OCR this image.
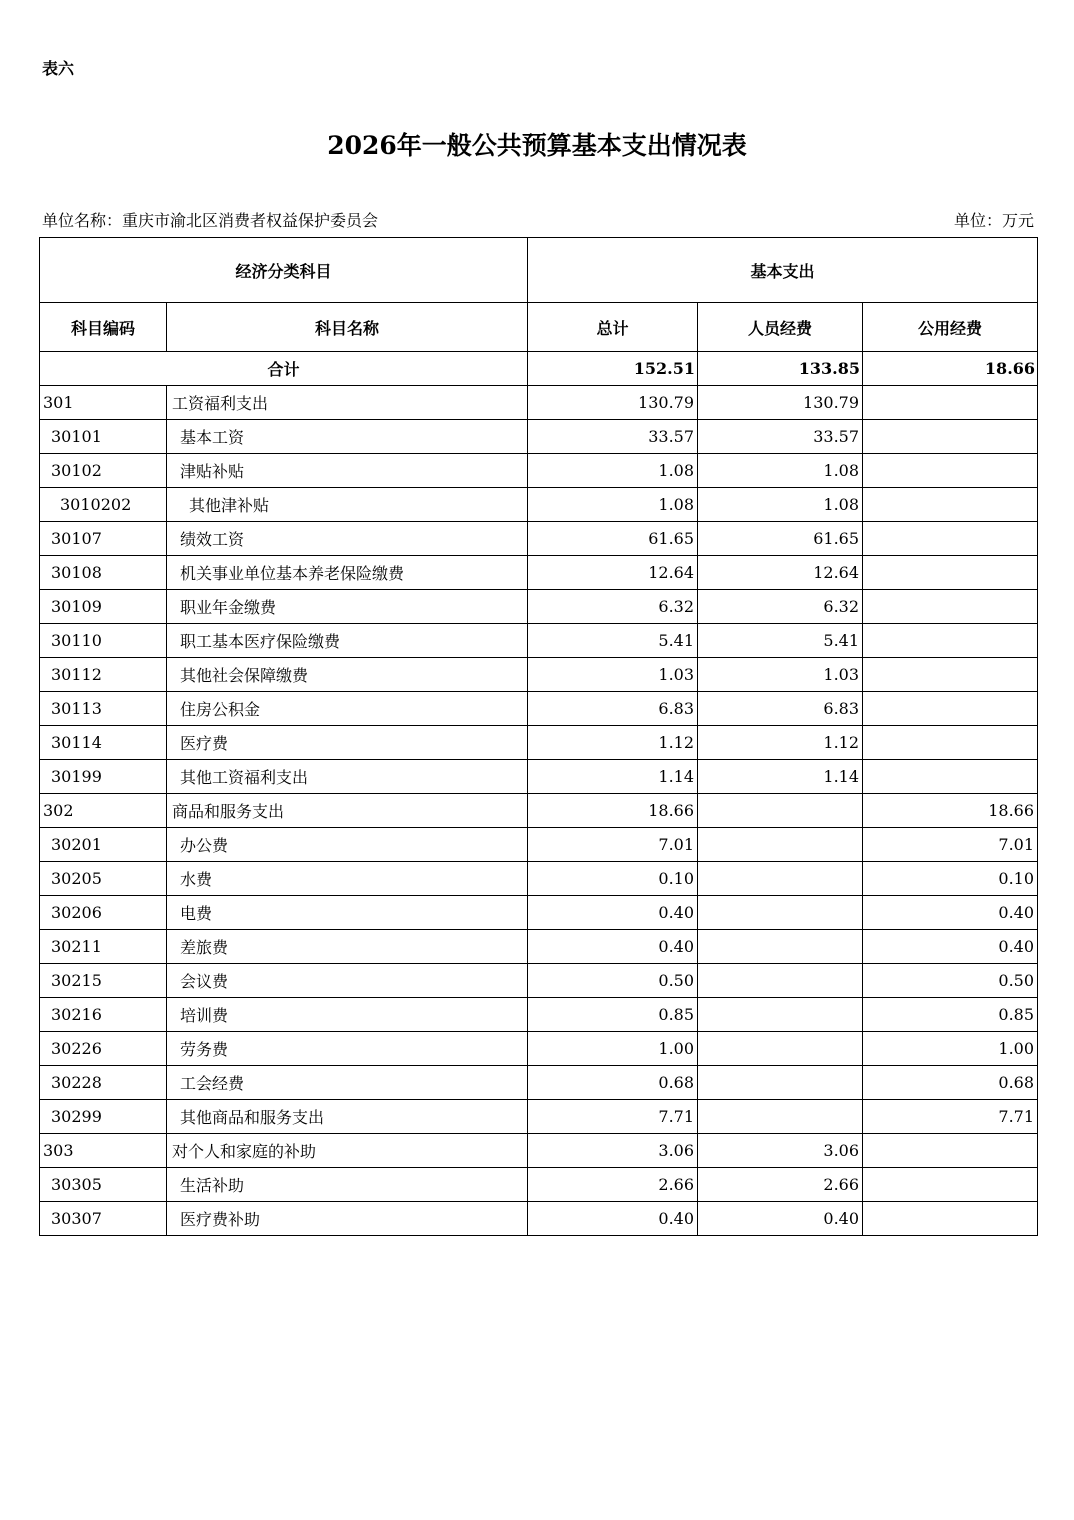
表六
2026年一般公共预算基本支出情况表
单位名称：重庆市渝北区消费者权益保护委员会	单位：万元
经济分类科目		基本支出		
科目编码	科目名称	总计	人员经费	公用经费
合计		152.51	133.85	18.66
301	工资福利支出	130.79	130.79	
30101	基本工资	33.57	33.57	
30102	津贴补贴	1.08	1.08	
3010202	其他津补贴	1.08	1.08	
30107	绩效工资	61.65	61.65	
30108	机关事业单位基本养老保险缴费	12.64	12.64	
30109	职业年金缴费	6.32	6.32	
30110	职工基本医疗保险缴费	5.41	5.41	
30112	其他社会保障缴费	1.03	1.03	
30113	住房公积金	6.83	6.83	
30114	医疗费	1.12	1.12	
30199	其他工资福利支出	1.14	1.14	
302	商品和服务支出	18.66		18.66
30201	办公费	7.01		7.01
30205	水费	0.10		0.10
30206	电费	0.40		0.40
30211	差旅费	0.40		0.40
30215	会议费	0.50		0.50
30216	培训费	0.85		0.85
30226	劳务费	1.00		1.00
30228	工会经费	0.68		0.68
30299	其他商品和服务支出	7.71		7.71
303	对个人和家庭的补助	3.06	3.06	
30305	生活补助	2.66	2.66	
30307	医疗费补助	0.40	0.40	
